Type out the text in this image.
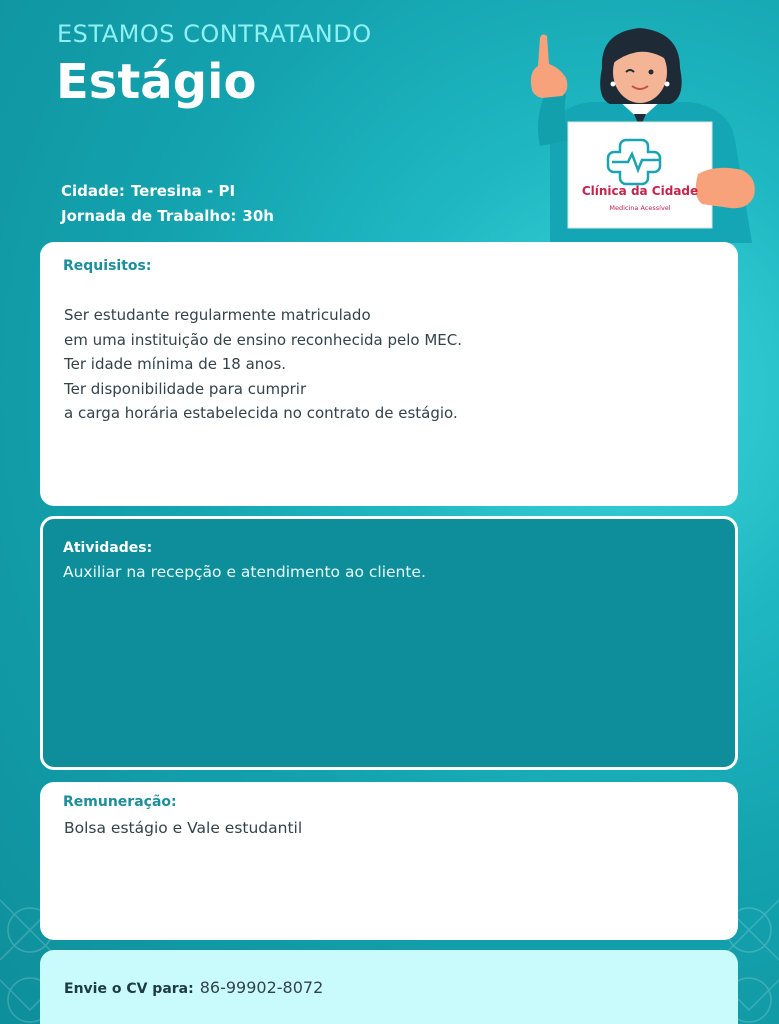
ESTAMOS CONTRATANDO
Estágio
Cidade: Teresina - PI
Jornada de Trabalho: 30h
Clínica da Cidade
Medicina Acessível
Requisitos:
Ser estudante regularmente matriculado
em uma instituição de ensino reconhecida pelo MEC.
Ter idade mínima de 18 anos.
Ter disponibilidade para cumprir
a carga horária estabelecida no contrato de estágio.
Atividades:
Auxiliar na recepção e atendimento ao cliente.
Remuneração:
Bolsa estágio e Vale estudantil
Envie o CV para: 86-99902-8072
